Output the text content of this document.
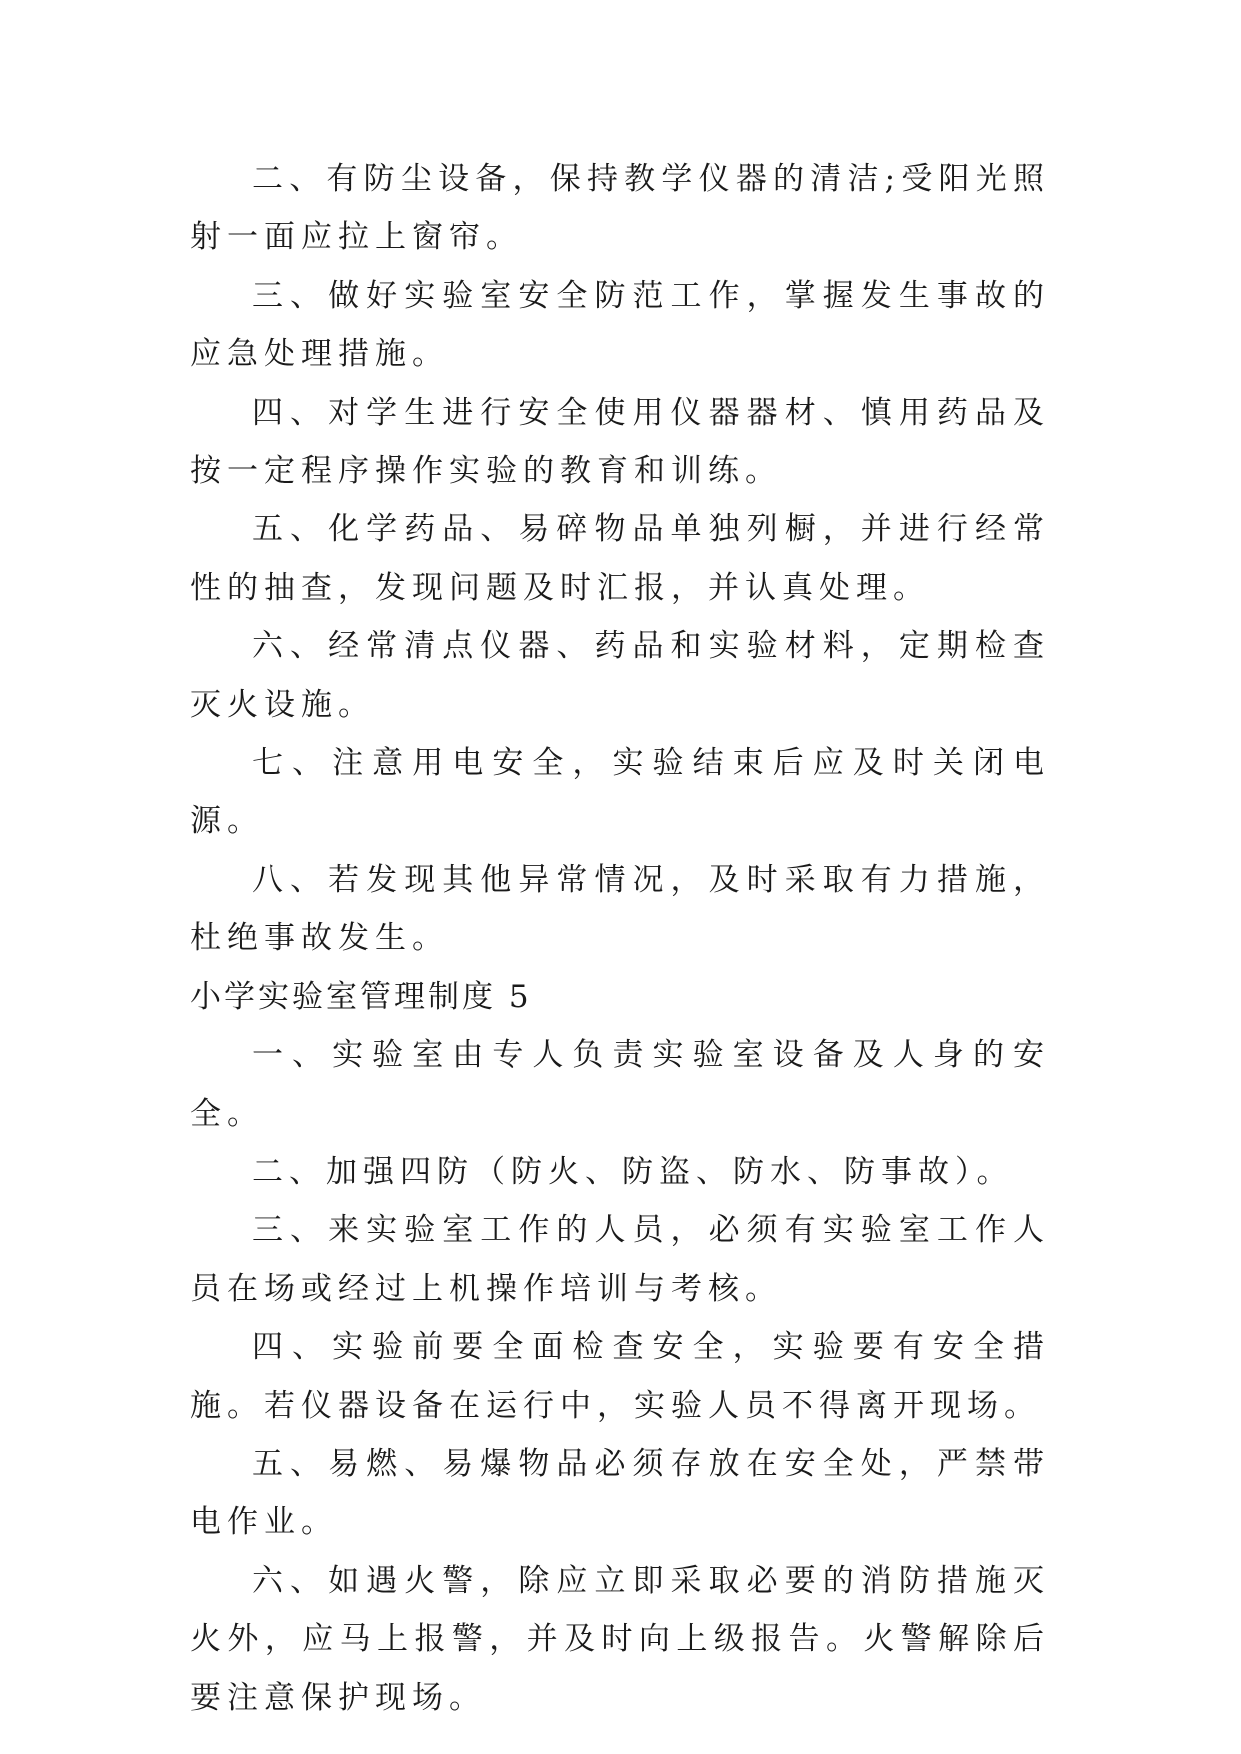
二、有防尘设备，保持教学仪器的清洁;受阳光照射一面应拉上窗帘。

三、做好实验室安全防范工作，掌握发生事故的应急处理措施。

四、对学生进行安全使用仪器器材、慎用药品及按一定程序操作实验的教育和训练。

五、化学药品、易碎物品单独列橱，并进行经常性的抽查，发现问题及时汇报，并认真处理。

六、经常清点仪器、药品和实验材料，定期检查灭火设施。

七、注意用电安全，实验结束后应及时关闭电源。

八、若发现其他异常情况，及时采取有力措施，杜绝事故发生。

小学实验室管理制度 5

一、实验室由专人负责实验室设备及人身的安全。

二、加强四防（防火、防盗、防水、防事故）。

三、来实验室工作的人员，必须有实验室工作人员在场或经过上机操作培训与考核。

四、实验前要全面检查安全，实验要有安全措施。若仪器设备在运行中，实验人员不得离开现场。

五、易燃、易爆物品必须存放在安全处，严禁带电作业。

六、如遇火警，除应立即采取必要的消防措施灭火外，应马上报警，并及时向上级报告。火警解除后要注意保护现场。
